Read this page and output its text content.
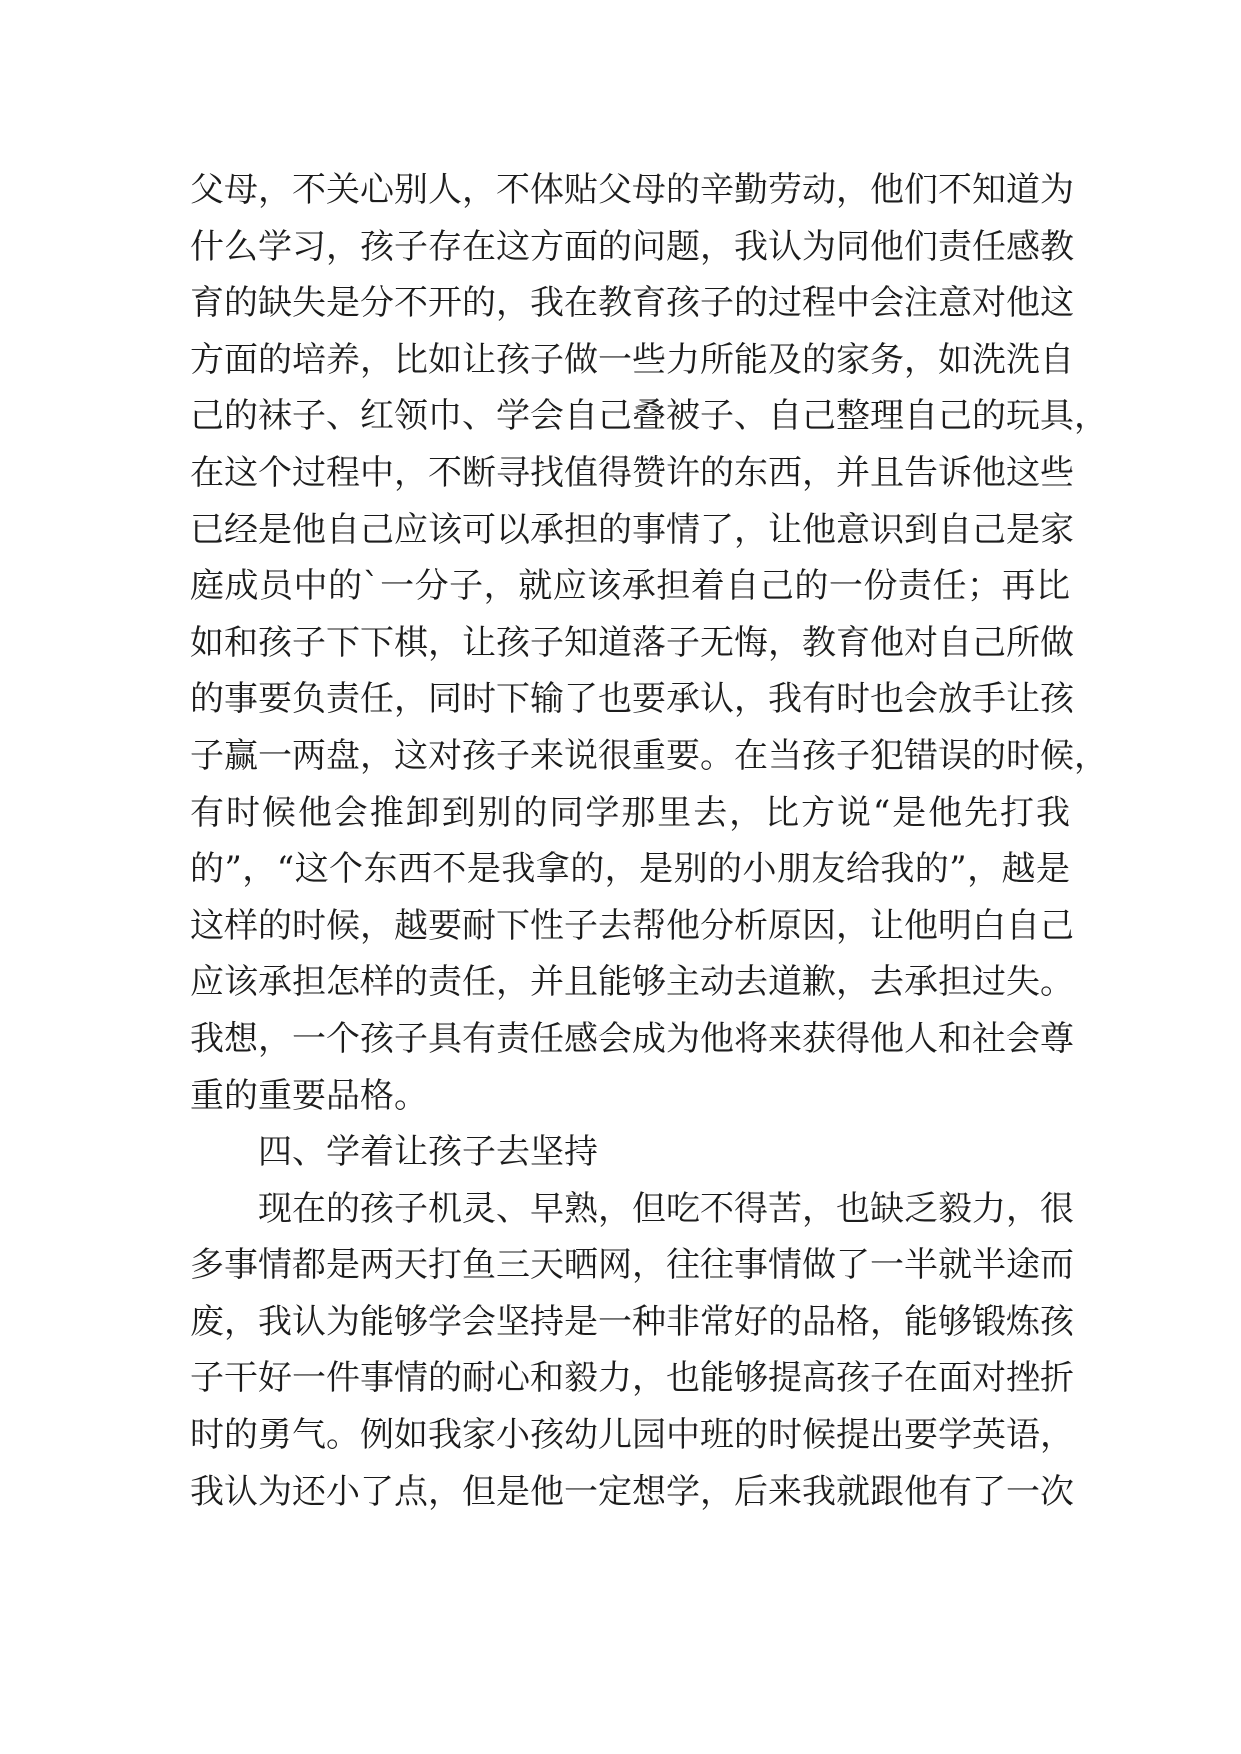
父母，不关心别人，不体贴父母的辛勤劳动，他们不知道为
什么学习，孩子存在这方面的问题，我认为同他们责任感教
育的缺失是分不开的，我在教育孩子的过程中会注意对他这
方面的培养，比如让孩子做一些力所能及的家务，如洗洗自
己的袜子、红领巾、学会自己叠被子、自己整理自己的玩具，
在这个过程中，不断寻找值得赞许的东西，并且告诉他这些
已经是他自己应该可以承担的事情了，让他意识到自己是家
庭成员中的`一分子，就应该承担着自己的一份责任；再比
如和孩子下下棋，让孩子知道落子无悔，教育他对自己所做
的事要负责任，同时下输了也要承认，我有时也会放手让孩
子赢一两盘，这对孩子来说很重要。在当孩子犯错误的时候，
有时候他会推卸到别的同学那里去，比方说“是他先打我
的”，“这个东西不是我拿的，是别的小朋友给我的”，越是
这样的时候，越要耐下性子去帮他分析原因，让他明白自己
应该承担怎样的责任，并且能够主动去道歉，去承担过失。
我想，一个孩子具有责任感会成为他将来获得他人和社会尊
重的重要品格。
　　四、学着让孩子去坚持
　　现在的孩子机灵、早熟，但吃不得苦，也缺乏毅力，很
多事情都是两天打鱼三天晒网，往往事情做了一半就半途而
废，我认为能够学会坚持是一种非常好的品格，能够锻炼孩
子干好一件事情的耐心和毅力，也能够提高孩子在面对挫折
时的勇气。例如我家小孩幼儿园中班的时候提出要学英语，
我认为还小了点，但是他一定想学，后来我就跟他有了一次
